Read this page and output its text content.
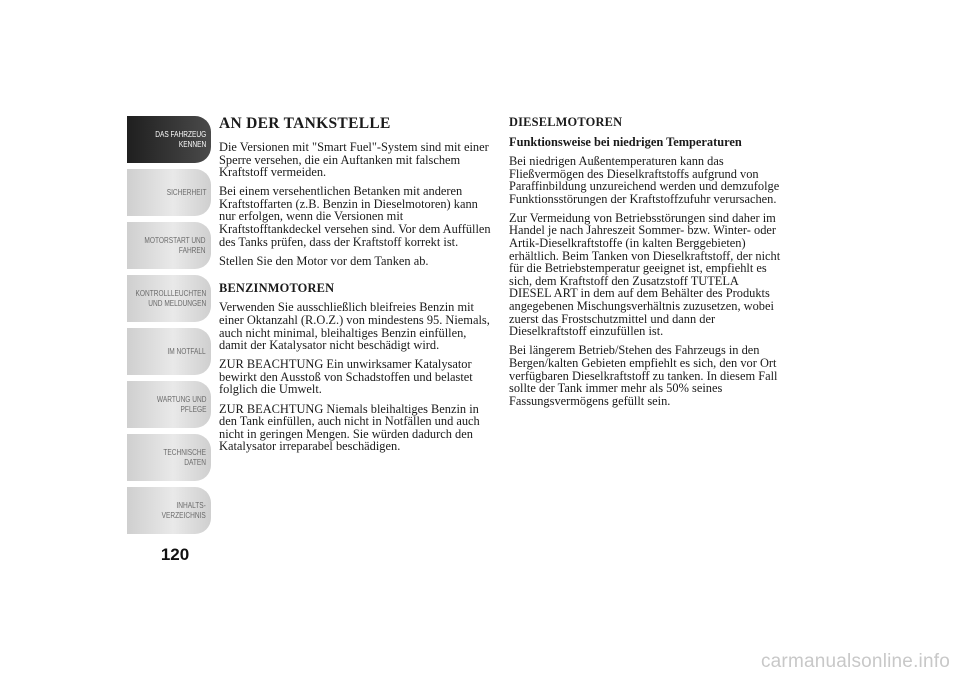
DAS FAHRZEUG
KENNEN
SICHERHEIT
MOTORSTART UND
FAHREN
KONTROLLLEUCHTEN
UND MELDUNGEN
IM NOTFALL
WARTUNG UND
PFLEGE
TECHNISCHE
DATEN
INHALTS-
VERZEICHNIS
120
AN DER TANKSTELLE

Die Versionen mit "Smart Fuel"-System sind mit einer Sperre versehen, die ein Auftanken mit falschem Kraftstoff vermeiden.

Bei einem versehentlichen Betanken mit anderen Kraftstoffarten (z.B. Benzin in Dieselmotoren) kann nur erfolgen, wenn die Versionen mit Kraftstofftankdeckel versehen sind. Vor dem Auffüllen des Tanks prüfen, dass der Kraftstoff korrekt ist.

Stellen Sie den Motor vor dem Tanken ab.

BENZINMOTOREN

Verwenden Sie ausschließlich bleifreies Benzin mit einer Oktanzahl (R.O.Z.) von mindestens 95. Niemals, auch nicht minimal, bleihaltiges Benzin einfüllen, damit der Katalysator nicht beschädigt wird.

ZUR BEACHTUNG Ein unwirksamer Katalysator bewirkt den Ausstoß von Schadstoffen und belastet folglich die Umwelt.

ZUR BEACHTUNG Niemals bleihaltiges Benzin in den Tank einfüllen, auch nicht in Notfällen und auch nicht in geringen Mengen. Sie würden dadurch den Katalysator irreparabel beschädigen.

DIESELMOTOREN
Funktionsweise bei niedrigen Temperaturen

Bei niedrigen Außentemperaturen kann das Fließvermögen des Dieselkraftstoffs aufgrund von Paraffinbildung unzureichend werden und demzufolge Funktionsstörungen der Kraftstoffzufuhr verursachen.

Zur Vermeidung von Betriebsstörungen sind daher im Handel je nach Jahreszeit Sommer- bzw. Winter- oder Artik-Dieselkraftstoffe (in kalten Berggebieten) erhältlich. Beim Tanken von Dieselkraftstoff, der nicht für die Betriebstemperatur geeignet ist, empfiehlt es sich, dem Kraftstoff den Zusatzstoff TUTELA DIESEL ART in dem auf dem Behälter des Produkts angegebenen Mischungsverhältnis zuzusetzen, wobei zuerst das Frostschutzmittel und dann der Dieselkraftstoff einzufüllen ist.

Bei längerem Betrieb/Stehen des Fahrzeugs in den Bergen/kalten Gebieten empfiehlt es sich, den vor Ort verfügbaren Dieselkraftstoff zu tanken. In diesem Fall sollte der Tank immer mehr als 50% seines Fassungsvermögens gefüllt sein.

carmanualsonline.info
